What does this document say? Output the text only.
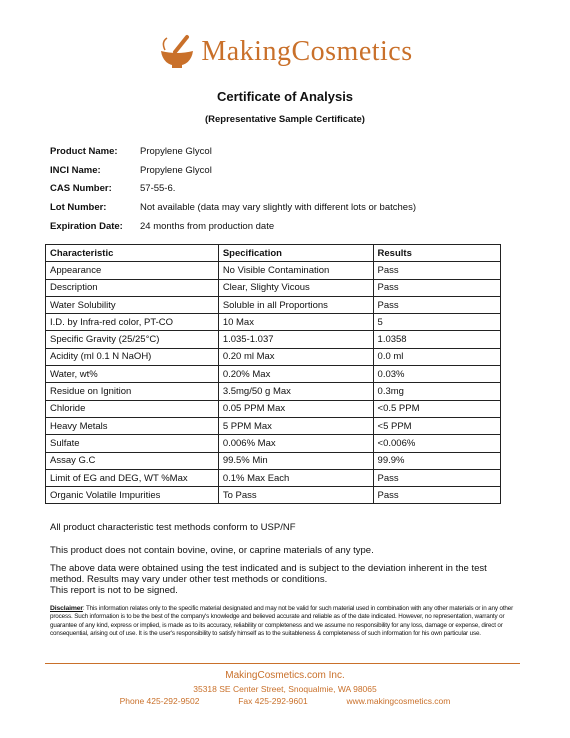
MakingCosmetics
Certificate of Analysis
(Representative Sample Certificate)
Product Name:	Propylene Glycol
INCI Name:	Propylene Glycol
CAS Number:	57-55-6.
Lot Number:	Not available (data may vary slightly with different lots or batches)
Expiration Date:	24 months from production date
Characteristic	Specification	Results
Appearance	No Visible Contamination	Pass
Description	Clear, Slighty Vicous	Pass
Water Solubility	Soluble in all Proportions	Pass
I.D. by Infra-red color, PT-CO	10 Max	5
Specific Gravity (25/25°C)	1.035-1.037	1.0358
Acidity (ml 0.1 N NaOH)	0.20 ml Max	0.0 ml
Water, wt%	0.20% Max	0.03%
Residue on Ignition	3.5mg/50 g Max	0.3mg
Chloride	0.05 PPM Max	<0.5 PPM
Heavy Metals	5 PPM Max	<5 PPM
Sulfate	0.006% Max	<0.006%
Assay G.C	99.5% Min	99.9%
Limit of EG and DEG, WT %Max	0.1% Max Each	Pass
Organic Volatile Impurities	To Pass	Pass
All product characteristic test methods conform to USP/NF
This product does not contain bovine, ovine, or caprine materials of any type.
The above data were obtained using the test indicated and is subject to the deviation inherent in the test method. Results may vary under other test methods or conditions.
This report is not to be signed.
Disclaimer: This information relates only to the specific material designated and may not be valid for such material used in combination with any other materials or in any other process. Such information is to be the best of the company's knowledge and believed accurate and reliable as of the date indicated. However, no representation, warranty or guarantee of any kind, express or implied, is made as to its accuracy, reliability or completeness and we assume no responsibility for any loss, damage or expense, direct or consequential, arising out of use. It is the user's responsibility to satisfy himself as to the suitableness & completeness of such information for his own particular use.
MakingCosmetics.com Inc.
35318 SE Center Street, Snoqualmie, WA 98065
Phone 425-292-9502	Fax 425-292-9601	www.makingcosmetics.com
